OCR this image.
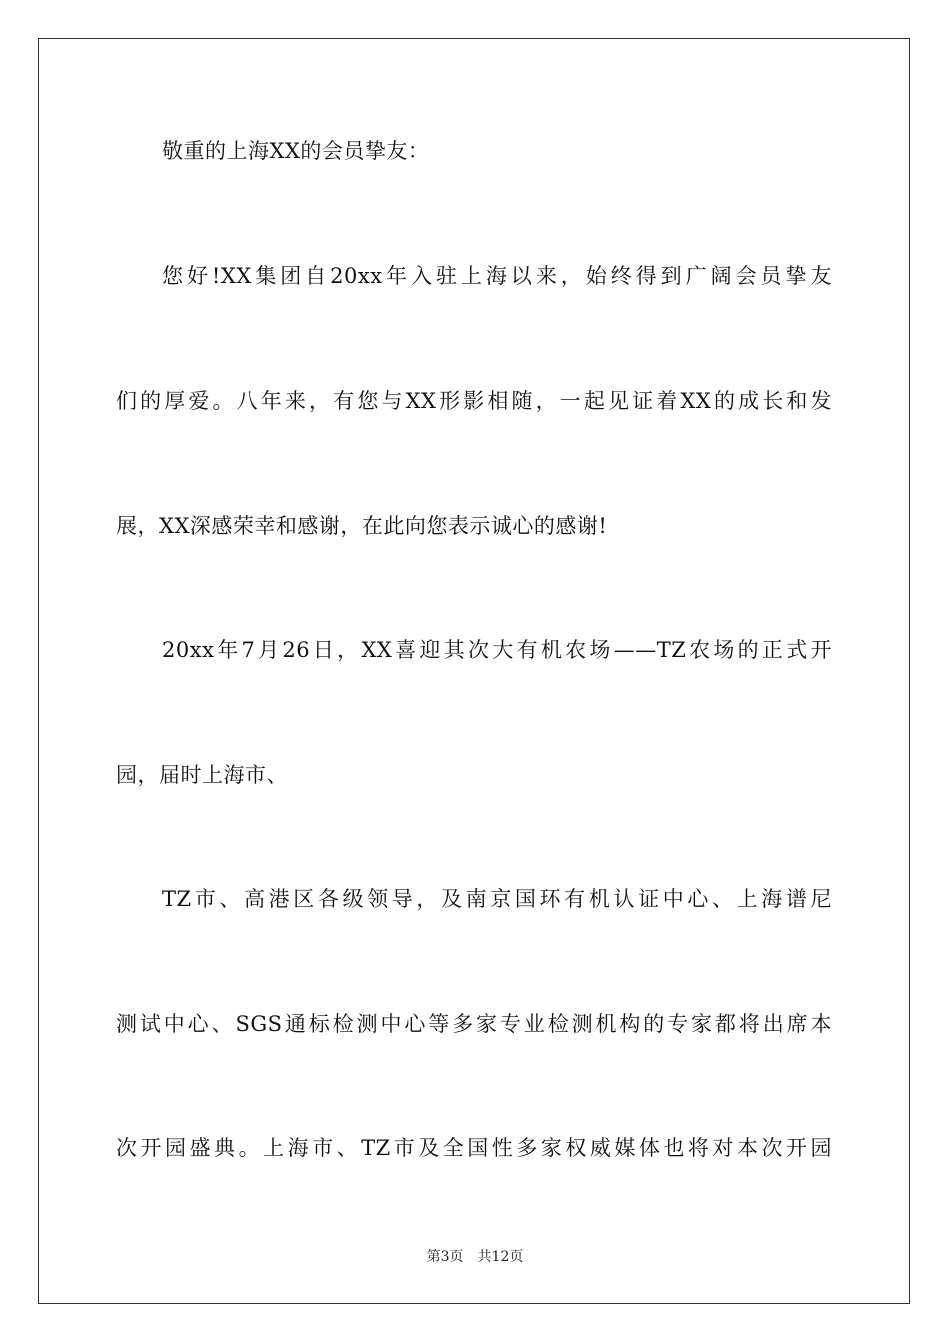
敬重的上海XX的会员挚友：
您好!XX集团自20xx年入驻上海以来，始终得到广阔会员挚友
们的厚爱。八年来，有您与XX形影相随，一起见证着XX的成长和发
展，XX深感荣幸和感谢，在此向您表示诚心的感谢!
20xx年7月26日，XX喜迎其次大有机农场——TZ农场的正式开
园，届时上海市、
TZ市、高港区各级领导，及南京国环有机认证中心、上海谱尼
测试中心、SGS通标检测中心等多家专业检测机构的专家都将出席本
次开园盛典。上海市、TZ市及全国性多家权威媒体也将对本次开园
第3页 共12页
